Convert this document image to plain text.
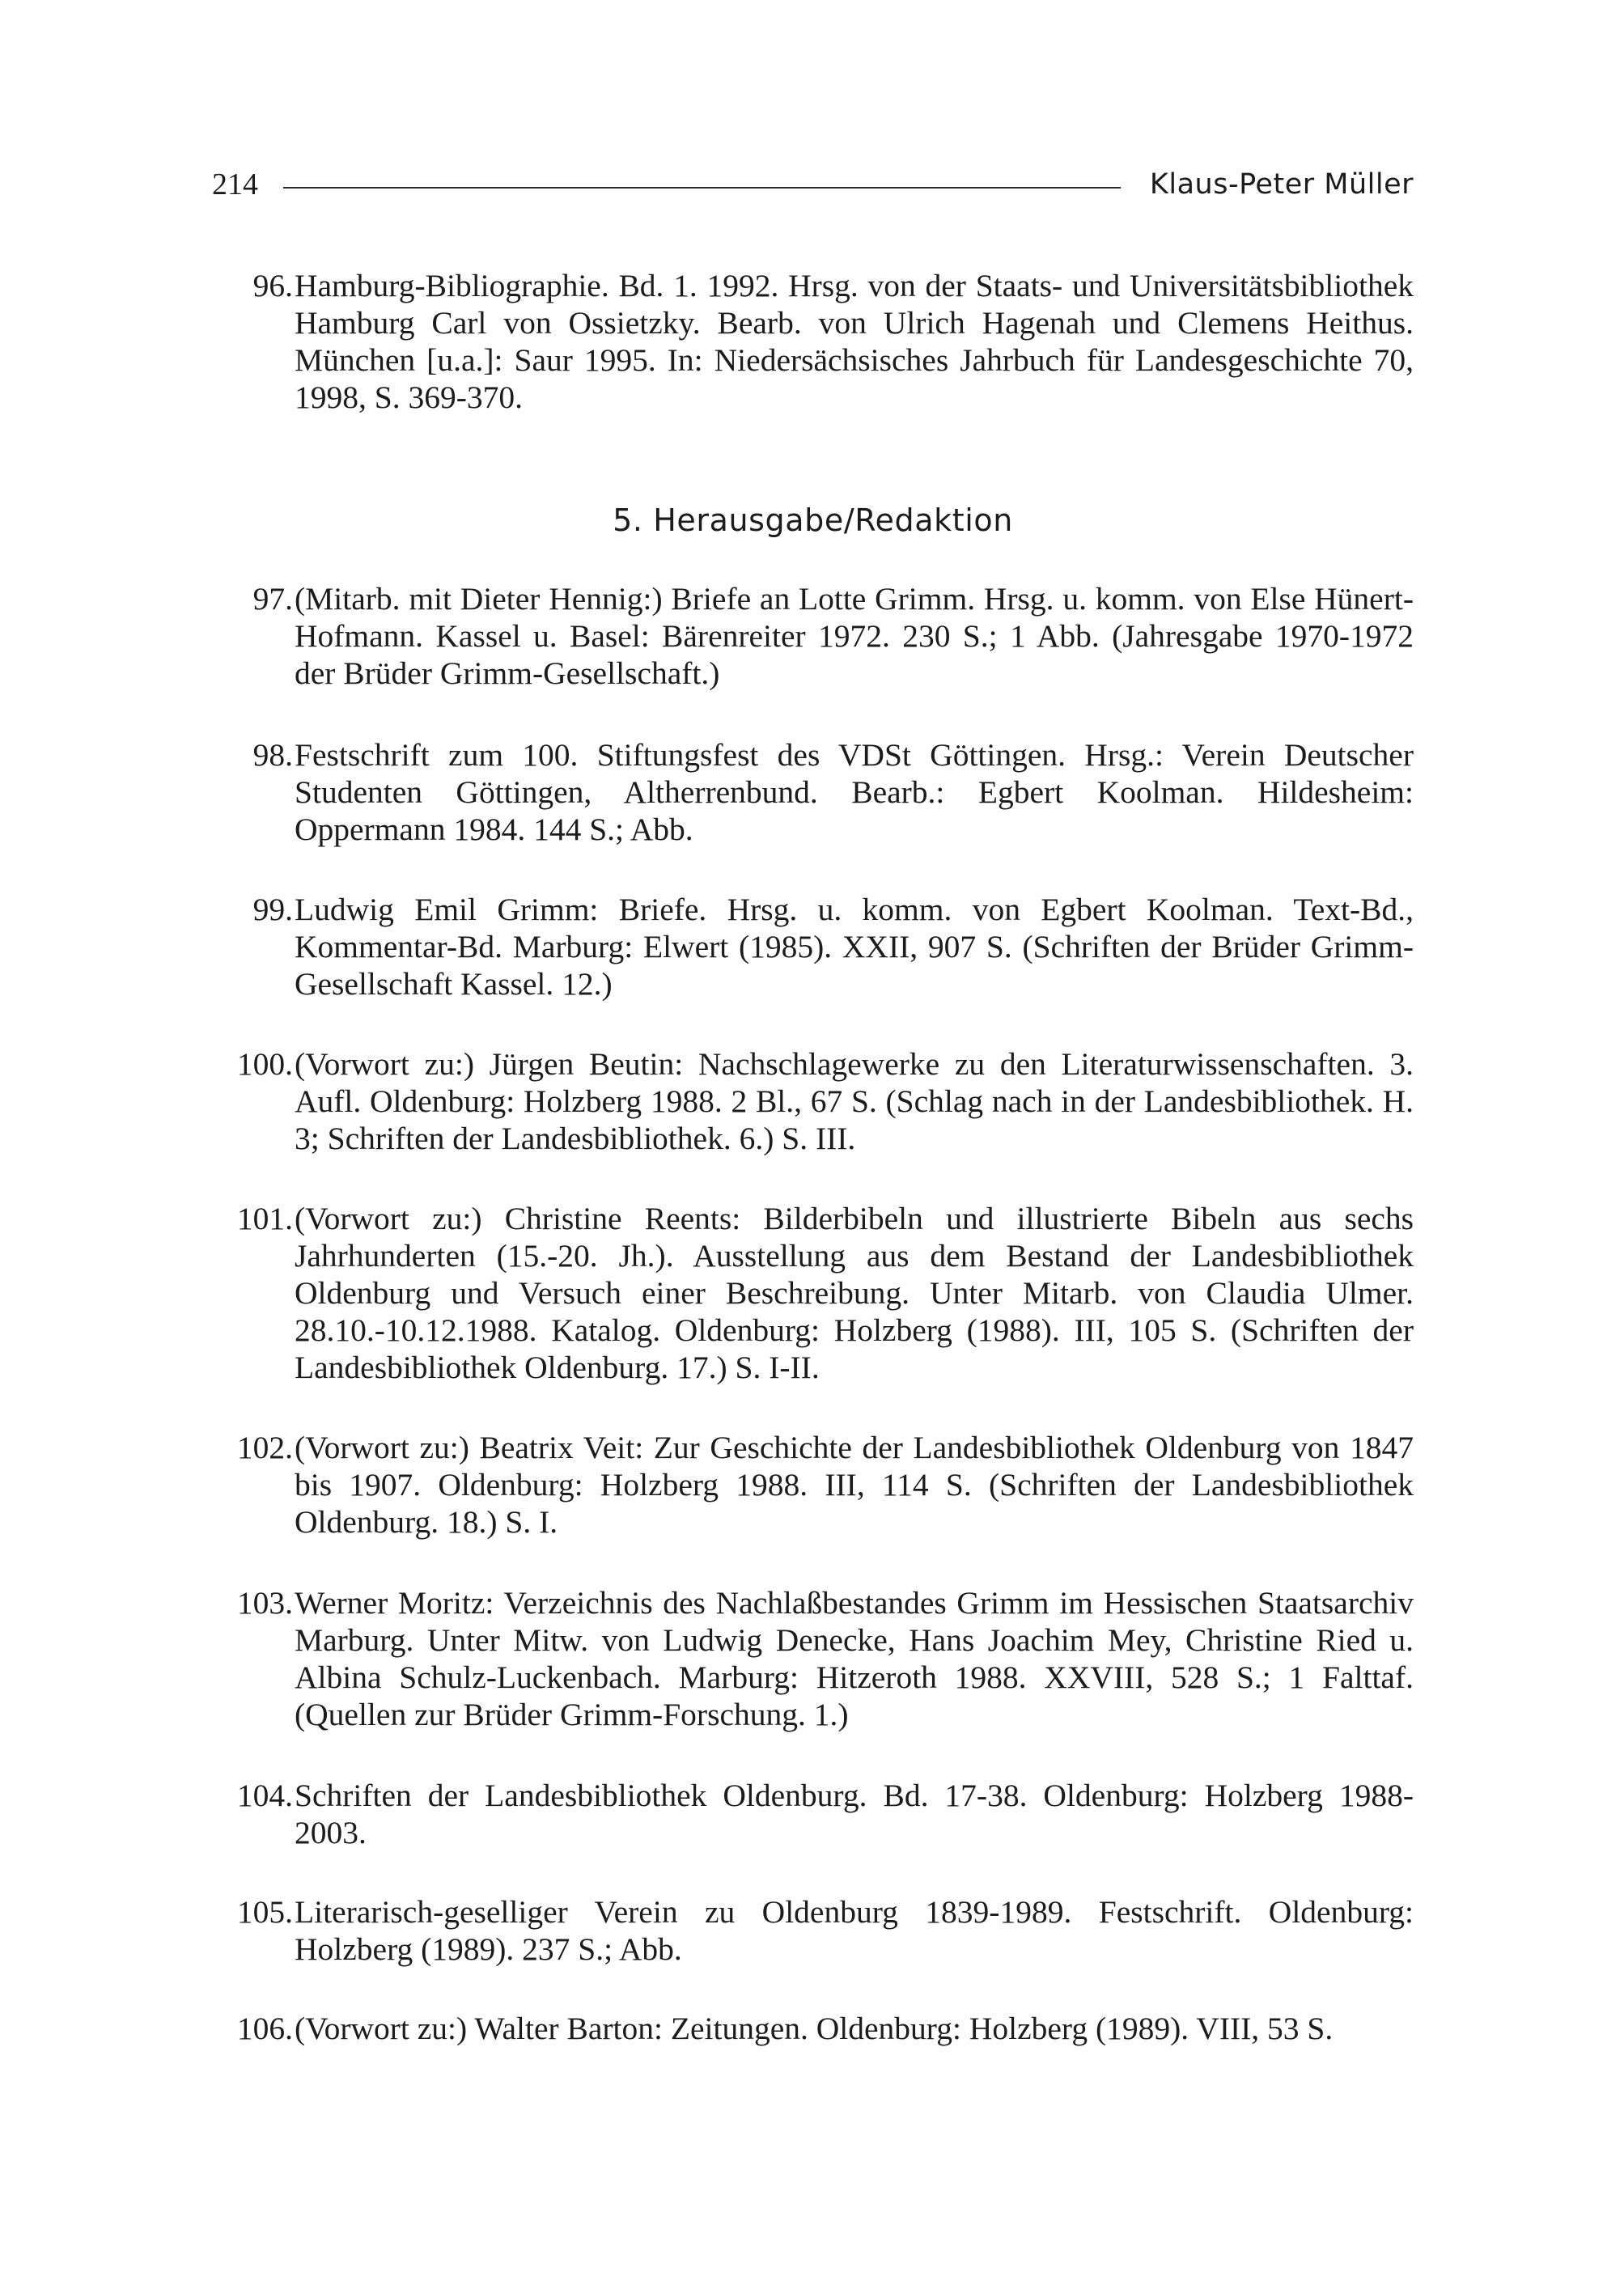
214	Klaus-Peter Müller
96. Hamburg-Bibliographie. Bd. 1. 1992. Hrsg. von der Staats- und Universitätsbibliothek Hamburg Carl von Ossietzky. Bearb. von Ulrich Hagenah und Clemens Heithus. München [u.a.]: Saur 1995. In: Niedersächsisches Jahrbuch für Landesgeschichte 70, 1998, S. 369-370.
5. Herausgabe/Redaktion
97. (Mitarb. mit Dieter Hennig:) Briefe an Lotte Grimm. Hrsg. u. komm. von Else Hünert-Hofmann. Kassel u. Basel: Bärenreiter 1972. 230 S.; 1 Abb. (Jahresgabe 1970-1972 der Brüder Grimm-Gesellschaft.)
98. Festschrift zum 100. Stiftungsfest des VDSt Göttingen. Hrsg.: Verein Deutscher Studenten Göttingen, Altherrenbund. Bearb.: Egbert Koolman. Hildesheim: Oppermann 1984. 144 S.; Abb.
99. Ludwig Emil Grimm: Briefe. Hrsg. u. komm. von Egbert Koolman. Text-Bd., Kommentar-Bd. Marburg: Elwert (1985). XXII, 907 S. (Schriften der Brüder Grimm-Gesellschaft Kassel. 12.)
100. (Vorwort zu:) Jürgen Beutin: Nachschlagewerke zu den Literaturwissenschaften. 3. Aufl. Oldenburg: Holzberg 1988. 2 Bl., 67 S. (Schlag nach in der Landesbibliothek. H. 3; Schriften der Landesbibliothek. 6.) S. III.
101. (Vorwort zu:) Christine Reents: Bilderbibeln und illustrierte Bibeln aus sechs Jahrhunderten (15.-20. Jh.). Ausstellung aus dem Bestand der Landesbibliothek Oldenburg und Versuch einer Beschreibung. Unter Mitarb. von Claudia Ulmer. 28.10.-10.12.1988. Katalog. Oldenburg: Holzberg (1988). III, 105 S. (Schriften der Landesbibliothek Oldenburg. 17.) S. I-II.
102. (Vorwort zu:) Beatrix Veit: Zur Geschichte der Landesbibliothek Oldenburg von 1847 bis 1907. Oldenburg: Holzberg 1988. III, 114 S. (Schriften der Landesbibliothek Oldenburg. 18.) S. I.
103. Werner Moritz: Verzeichnis des Nachlaßbestandes Grimm im Hessischen Staatsarchiv Marburg. Unter Mitw. von Ludwig Denecke, Hans Joachim Mey, Christine Ried u. Albina Schulz-Luckenbach. Marburg: Hitzeroth 1988. XXVIII, 528 S.; 1 Falttaf. (Quellen zur Brüder Grimm-Forschung. 1.)
104. Schriften der Landesbibliothek Oldenburg. Bd. 17-38. Oldenburg: Holzberg 1988-2003.
105. Literarisch-geselliger Verein zu Oldenburg 1839-1989. Festschrift. Oldenburg: Holzberg (1989). 237 S.; Abb.
106. (Vorwort zu:) Walter Barton: Zeitungen. Oldenburg: Holzberg (1989). VIII, 53 S.
